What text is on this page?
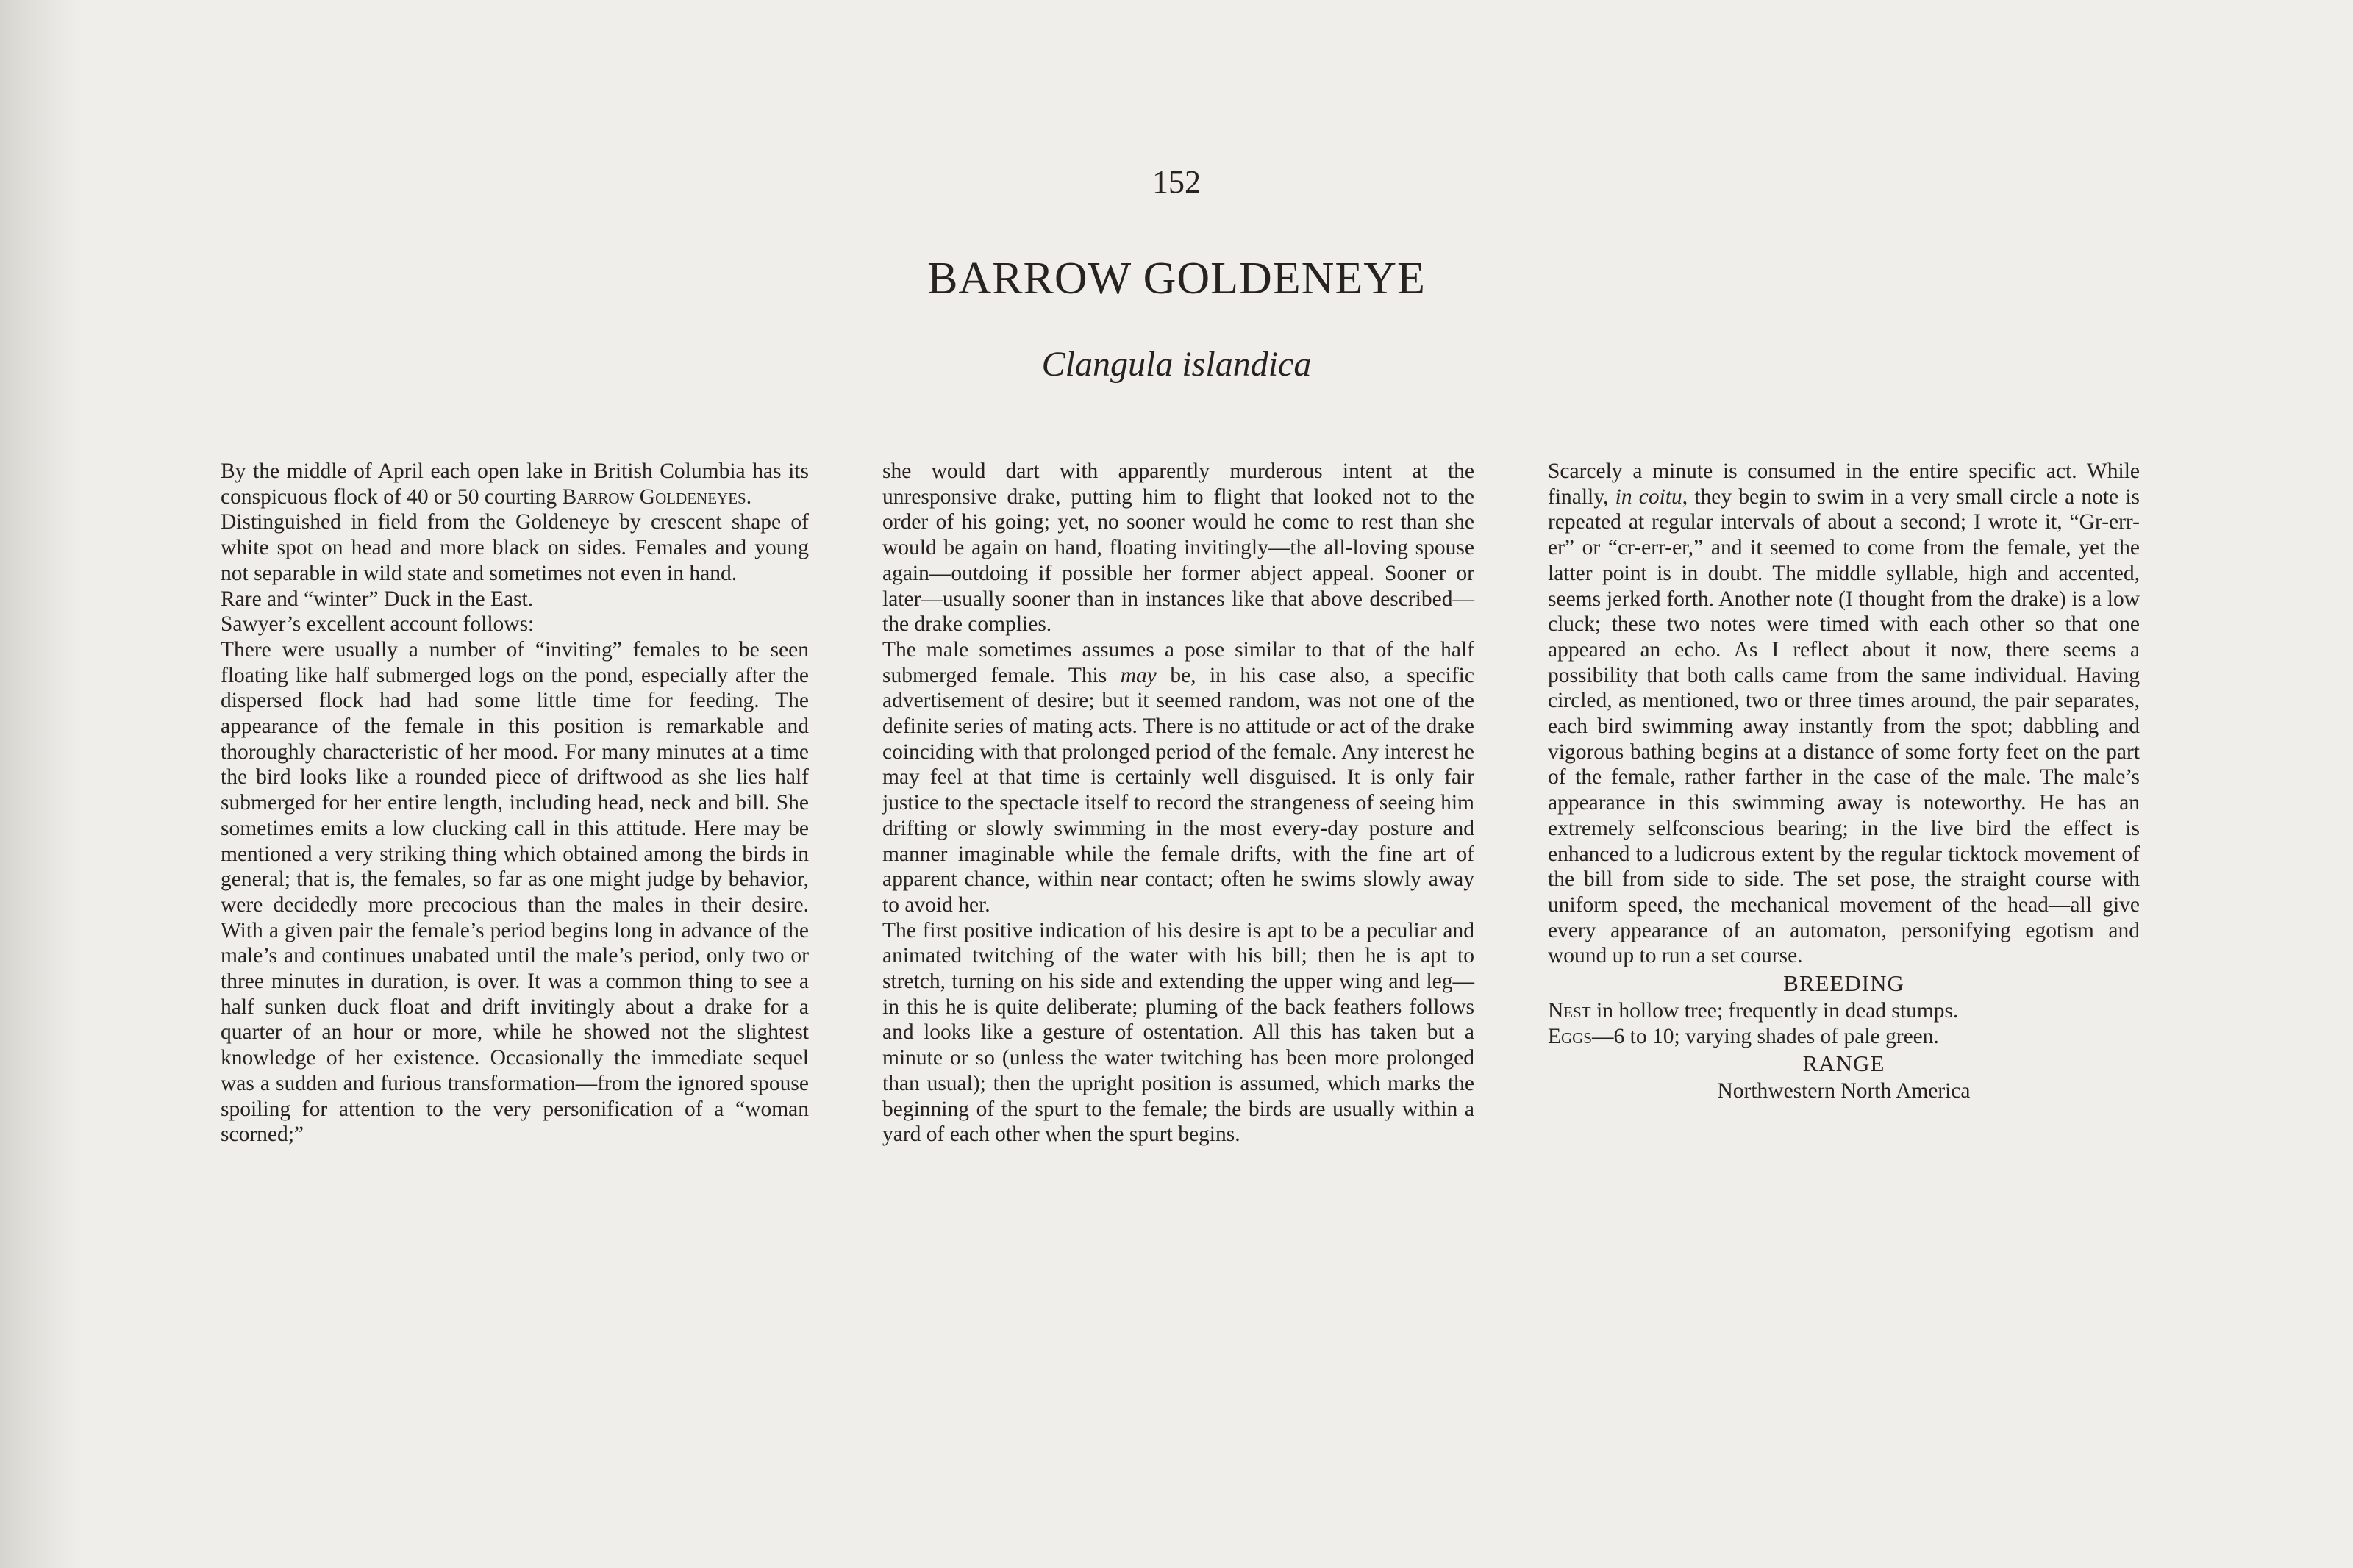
152
BARROW GOLDENEYE
Clangula islandica

By the middle of April each open lake in British Columbia has its conspicuous flock of 40 or 50 courting Barrow Goldeneyes.

Distinguished in field from the Goldeneye by crescent shape of white spot on head and more black on sides. Females and young not separable in wild state and sometimes not even in hand.

Rare and “winter” Duck in the East.

Sawyer’s excellent account follows:

There were usually a number of “inviting” females to be seen floating like half submerged logs on the pond, especially after the dispersed flock had had some little time for feeding. The appearance of the female in this position is remarkable and thoroughly characteristic of her mood. For many minutes at a time the bird looks like a rounded piece of driftwood as she lies half submerged for her entire length, including head, neck and bill. She sometimes emits a low clucking call in this attitude. Here may be mentioned a very striking thing which obtained among the birds in general; that is, the females, so far as one might judge by behavior, were decidedly more precocious than the males in their desire. With a given pair the female’s period begins long in advance of the male’s and continues unabated until the male’s period, only two or three minutes in duration, is over. It was a common thing to see a half sunken duck float and drift invitingly about a drake for a quarter of an hour or more, while he showed not the slightest knowledge of her existence. Occasionally the immediate sequel was a sudden and furious transformation—from the ignored spouse spoiling for attention to the very personification of a “woman scorned;”

she would dart with apparently murderous intent at the unresponsive drake, putting him to flight that looked not to the order of his going; yet, no sooner would he come to rest than she would be again on hand, floating invitingly—the all-loving spouse again—outdoing if possible her former abject appeal. Sooner or later—usually sooner than in instances like that above described—the drake complies.

The male sometimes assumes a pose similar to that of the half submerged female. This may be, in his case also, a specific advertisement of desire; but it seemed random, was not one of the definite series of mating acts. There is no attitude or act of the drake coinciding with that prolonged period of the female. Any interest he may feel at that time is certainly well disguised. It is only fair justice to the spectacle itself to record the strangeness of seeing him drifting or slowly swimming in the most every-day posture and manner imaginable while the female drifts, with the fine art of apparent chance, within near contact; often he swims slowly away to avoid her.

The first positive indication of his desire is apt to be a peculiar and animated twitching of the water with his bill; then he is apt to stretch, turning on his side and extending the upper wing and leg—in this he is quite deliberate; pluming of the back feathers follows and looks like a gesture of ostentation. All this has taken but a minute or so (unless the water twitching has been more prolonged than usual); then the upright position is assumed, which marks the beginning of the spurt to the female; the birds are usually within a yard of each other when the spurt begins.

Scarcely a minute is consumed in the entire specific act. While finally, in coitu, they begin to swim in a very small circle a note is repeated at regular intervals of about a second; I wrote it, “Gr-err-er” or “cr-err-er,” and it seemed to come from the female, yet the latter point is in doubt. The middle syllable, high and accented, seems jerked forth. Another note (I thought from the drake) is a low cluck; these two notes were timed with each other so that one appeared an echo. As I reflect about it now, there seems a possibility that both calls came from the same individual. Having circled, as mentioned, two or three times around, the pair separates, each bird swimming away instantly from the spot; dabbling and vigorous bathing begins at a distance of some forty feet on the part of the female, rather farther in the case of the male. The male’s appearance in this swimming away is noteworthy. He has an extremely selfconscious bearing; in the live bird the effect is enhanced to a ludicrous extent by the regular ticktock movement of the bill from side to side. The set pose, the straight course with uniform speed, the mechanical movement of the head—all give every appearance of an automaton, personifying egotism and wound up to run a set course.

BREEDING

Nest in hollow tree; frequently in dead stumps.

Eggs—6 to 10; varying shades of pale green.

RANGE

Northwestern North America
